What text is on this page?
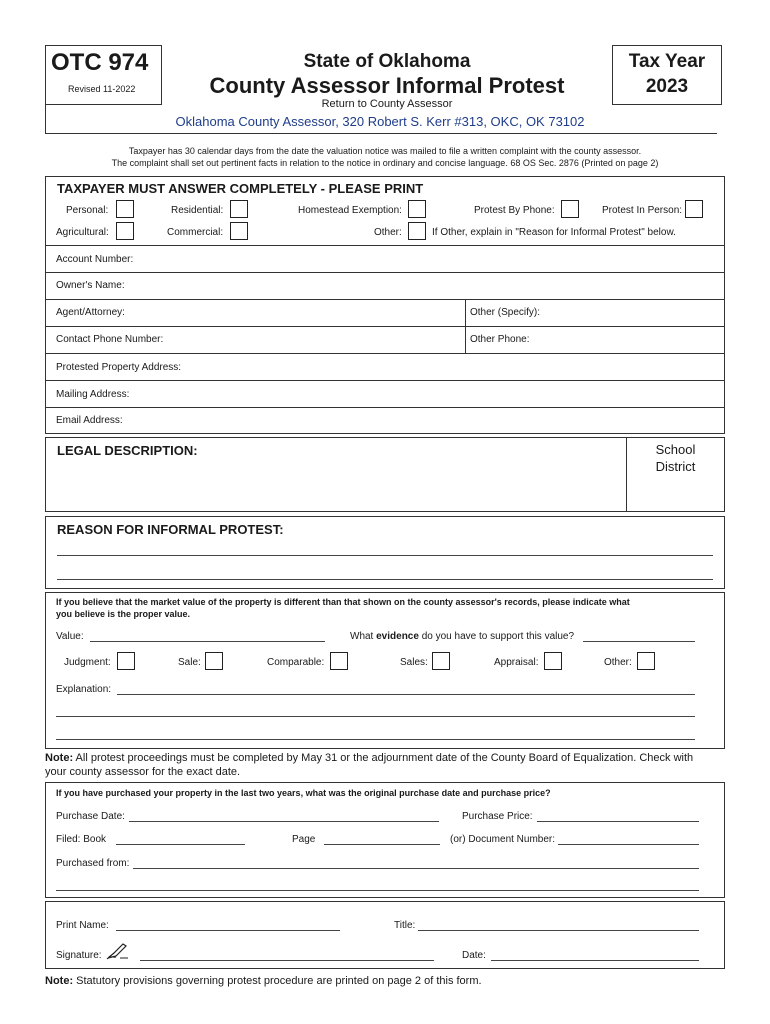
OTC 974
Revised 11-2022
State of Oklahoma
County Assessor Informal Protest
Return to County Assessor
Tax Year
2023
Oklahoma County Assessor, 320 Robert S. Kerr #313, OKC, OK 73102
Taxpayer has 30 calendar days from the date the valuation notice was mailed to file a written complaint with the county assessor.
The complaint shall set out pertinent facts in relation to the notice in ordinary and concise language. 68 OS Sec. 2876 (Printed on page 2)
TAXPAYER MUST ANSWER COMPLETELY - PLEASE PRINT
Personal:	Residential:	Homestead Exemption:	Protest By Phone:	Protest In Person:
Agricultural:	Commercial:	Other:	If Other, explain in "Reason for Informal Protest" below.
Account Number:
Owner's Name:
Agent/Attorney:	Other (Specify):
Contact Phone Number:	Other Phone:
Protested Property Address:
Mailing Address:
Email Address:
LEGAL DESCRIPTION:	School
District
REASON FOR INFORMAL PROTEST:
If you believe that the market value of the property is different than that shown on the county assessor's records, please indicate what
you believe is the proper value.
Value:	What evidence do you have to support this value?
Judgment:	Sale:	Comparable:	Sales:	Appraisal:	Other:
Explanation:
Note: All protest proceedings must be completed by May 31 or the adjournment date of the County Board of Equalization. Check with
your county assessor for the exact date.
If you have purchased your property in the last two years, what was the original purchase date and purchase price?
Purchase Date:	Purchase Price:
Filed: Book	Page	(or) Document Number:
Purchased from:
Print Name:	Title:
Signature:	Date:
Note: Statutory provisions governing protest procedure are printed on page 2 of this form.
